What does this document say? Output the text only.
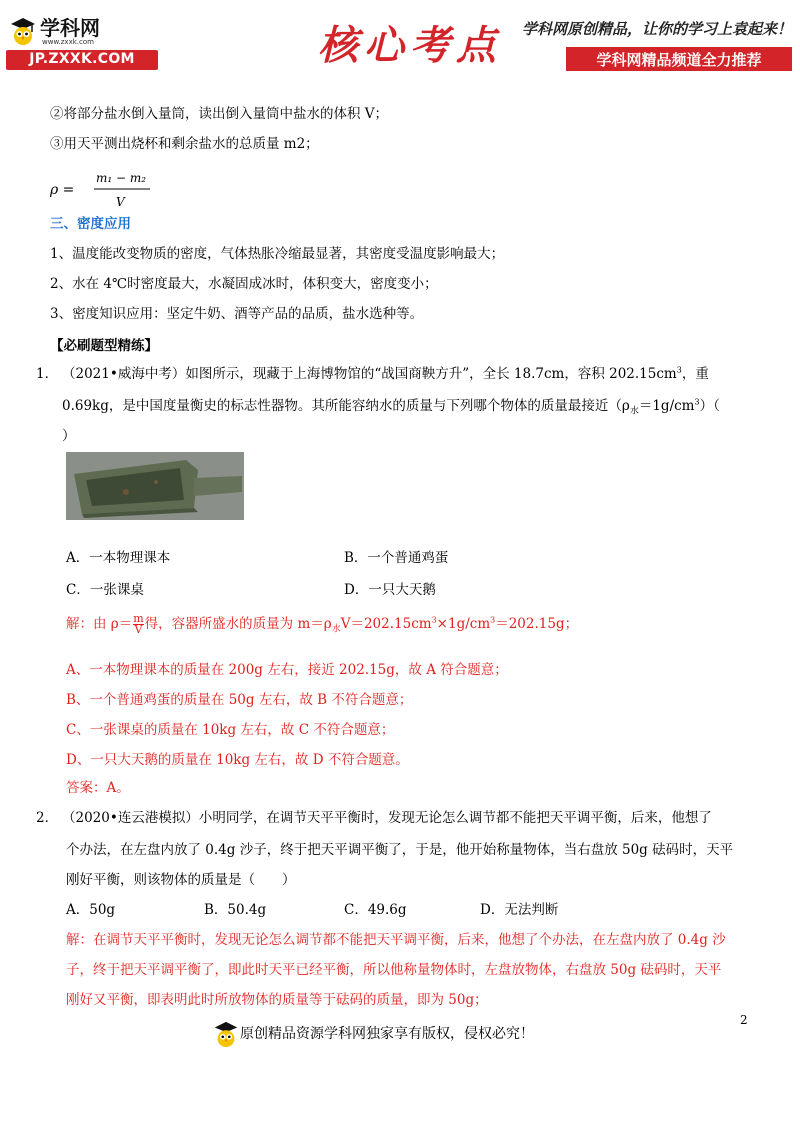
学科网
www.zxxk.com
JP.ZXXK.COM	核心考点	学科网原创精品，让你的学习上袁起来！
学科网精品频道全力推荐
②将部分盐水倒入量筒，读出倒入量筒中盐水的体积 V；
③用天平测出烧杯和剩余盐水的总质量 m2；
ρ =
m₁ − m₂
V
三、密度应用
1、温度能改变物质的密度，气体热胀冷缩最显著，其密度受温度影响最大；
2、水在 4℃时密度最大，水凝固成冰时，体积变大，密度变小；
3、密度知识应用：坚定牛奶、酒等产品的品质，盐水选种等。
【必刷题型精练】
1． （2021•威海中考）如图所示，现藏于上海博物馆的“战国商鞅方升”，全长 18.7cm，容积 $202.15cm^3$，重
0.69kg，是中国度量衡史的标志性器物。其所能容纳水的质量与下列哪个物体的质量最接近$(\rho_水=1g/cm^3)$（
）
A．一本物理课本	B．一个普通鸡蛋
C．一张课桌	D．一只大天鹅
解：由 $\rho= \frac{m}{V}$ 得，容器所盛水的质量为 $m=\rho_水V=202.15cm^3\times 1g/cm^3=202.15g$；
A、一本物理课本的质量在 200g 左右，接近 202.15g，故 A 符合题意；
B、一个普通鸡蛋的质量在 50g 左右，故 B 不符合题意；
C、一张课桌的质量在 10kg 左右，故 C 不符合题意；
D、一只大天鹅的质量在 10kg 左右，故 D 不符合题意。
答案：A。
2． （2020•连云港模拟）小明同学，在调节天平平衡时，发现无论怎么调节都不能把天平调平衡，后来，他想了
个办法，在左盘内放了 0.4g 沙子，终于把天平调平衡了，于是，他开始称量物体，当右盘放 50g 砝码时，天平
刚好平衡，则该物体的质量是（　　）
A．50g	B．50.4g	C．49.6g	D．无法判断
解：在调节天平平衡时，发现无论怎么调节都不能把天平调平衡，后来，他想了个办法，在左盘内放了 0.4g 沙
子，终于把天平调平衡了，即此时天平已经平衡，所以他称量物体时，左盘放物体，右盘放 50g 砝码时，天平
刚好又平衡，即表明此时所放物体的质量等于砝码的质量，即为 50g；
2
原创精品资源学科网独家享有版权，侵权必究！
